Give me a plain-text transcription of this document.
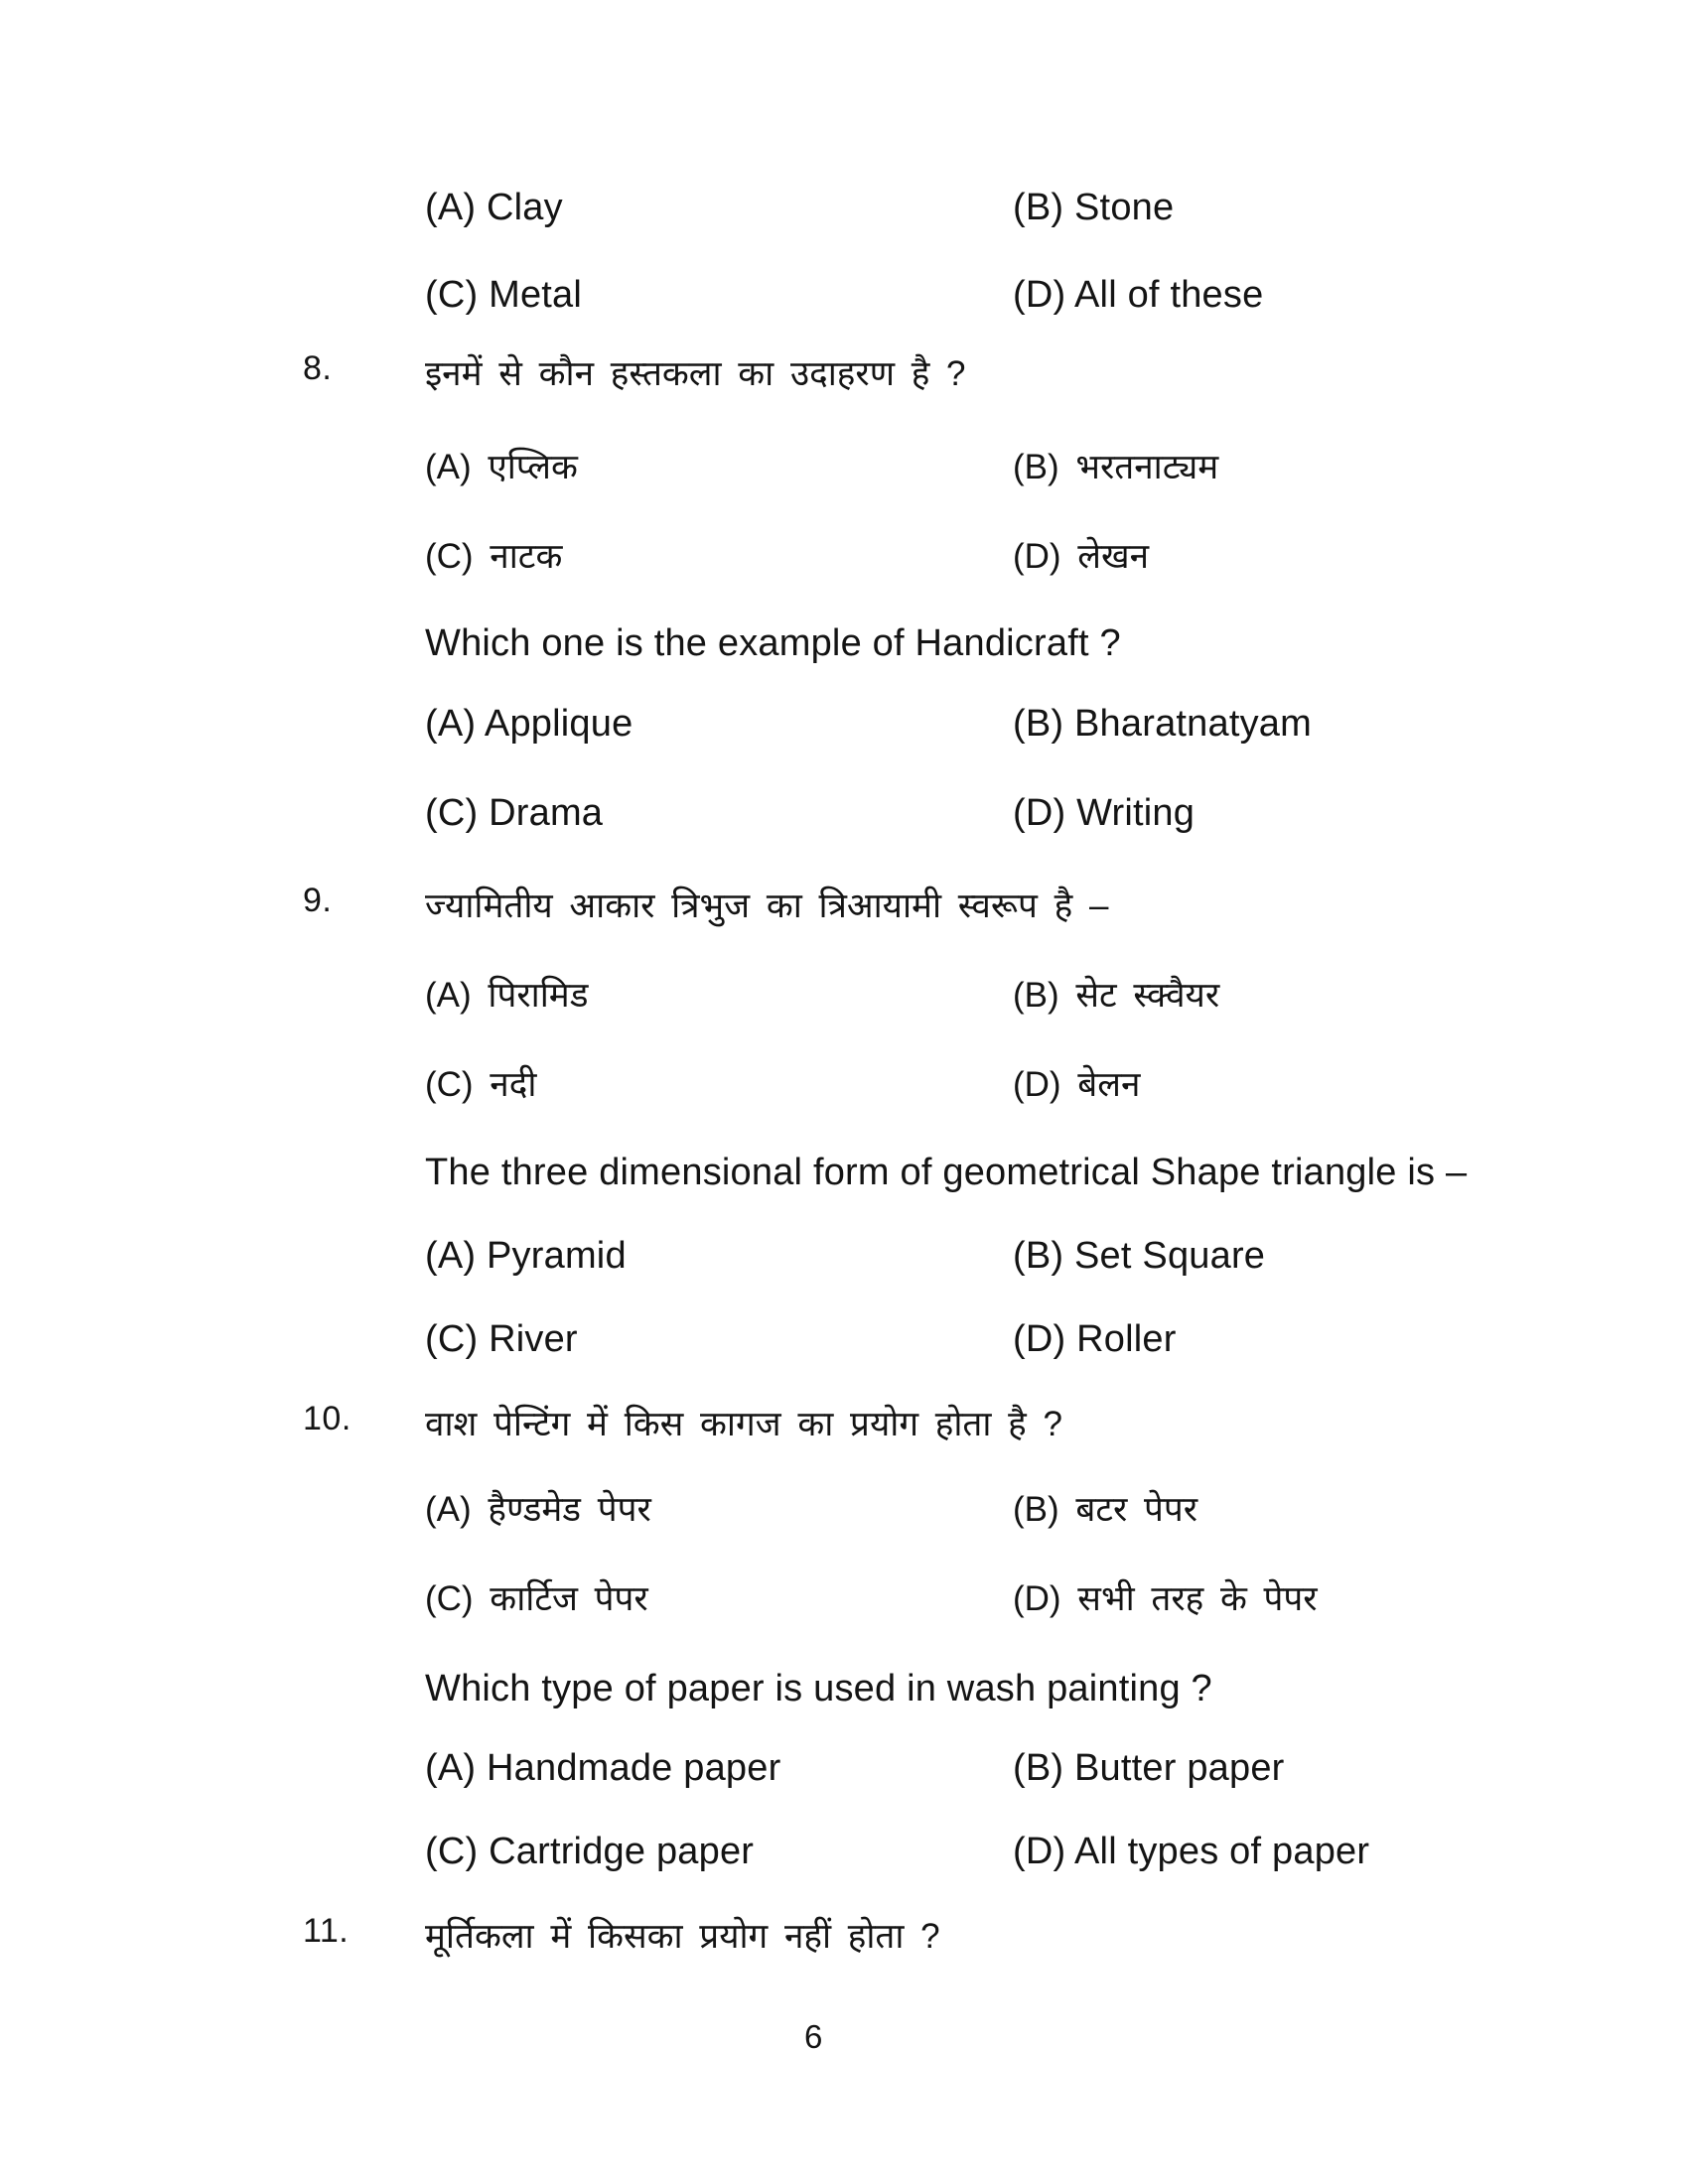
(A) Clay	(B) Stone
(C) Metal	(D) All of these
8.	इनमें से कौन हस्तकला का उदाहरण है ?
(A) एप्लिक	(B) भरतनाट्यम
(C) नाटक	(D) लेखन
Which one is the example of Handicraft ?
(A) Applique	(B) Bharatnatyam
(C) Drama	(D) Writing
9.	ज्यामितीय आकार त्रिभुज का त्रिआयामी स्वरूप है –
(A) पिरामिड	(B) सेट स्क्वैयर
(C) नदी	(D) बेलन
The three dimensional form of geometrical Shape triangle is –
(A) Pyramid	(B) Set Square
(C) River	(D) Roller
10. वाश पेन्टिंग में किस कागज का प्रयोग होता है ?
(A) हैण्डमेड पेपर	(B) बटर पेपर
(C) कार्टिज पेपर	(D) सभी तरह के पेपर
Which type of paper is used in wash painting ?
(A) Handmade paper	(B) Butter paper
(C) Cartridge paper	(D) All types of paper
11. मूर्तिकला में किसका प्रयोग नहीं होता ?
6
